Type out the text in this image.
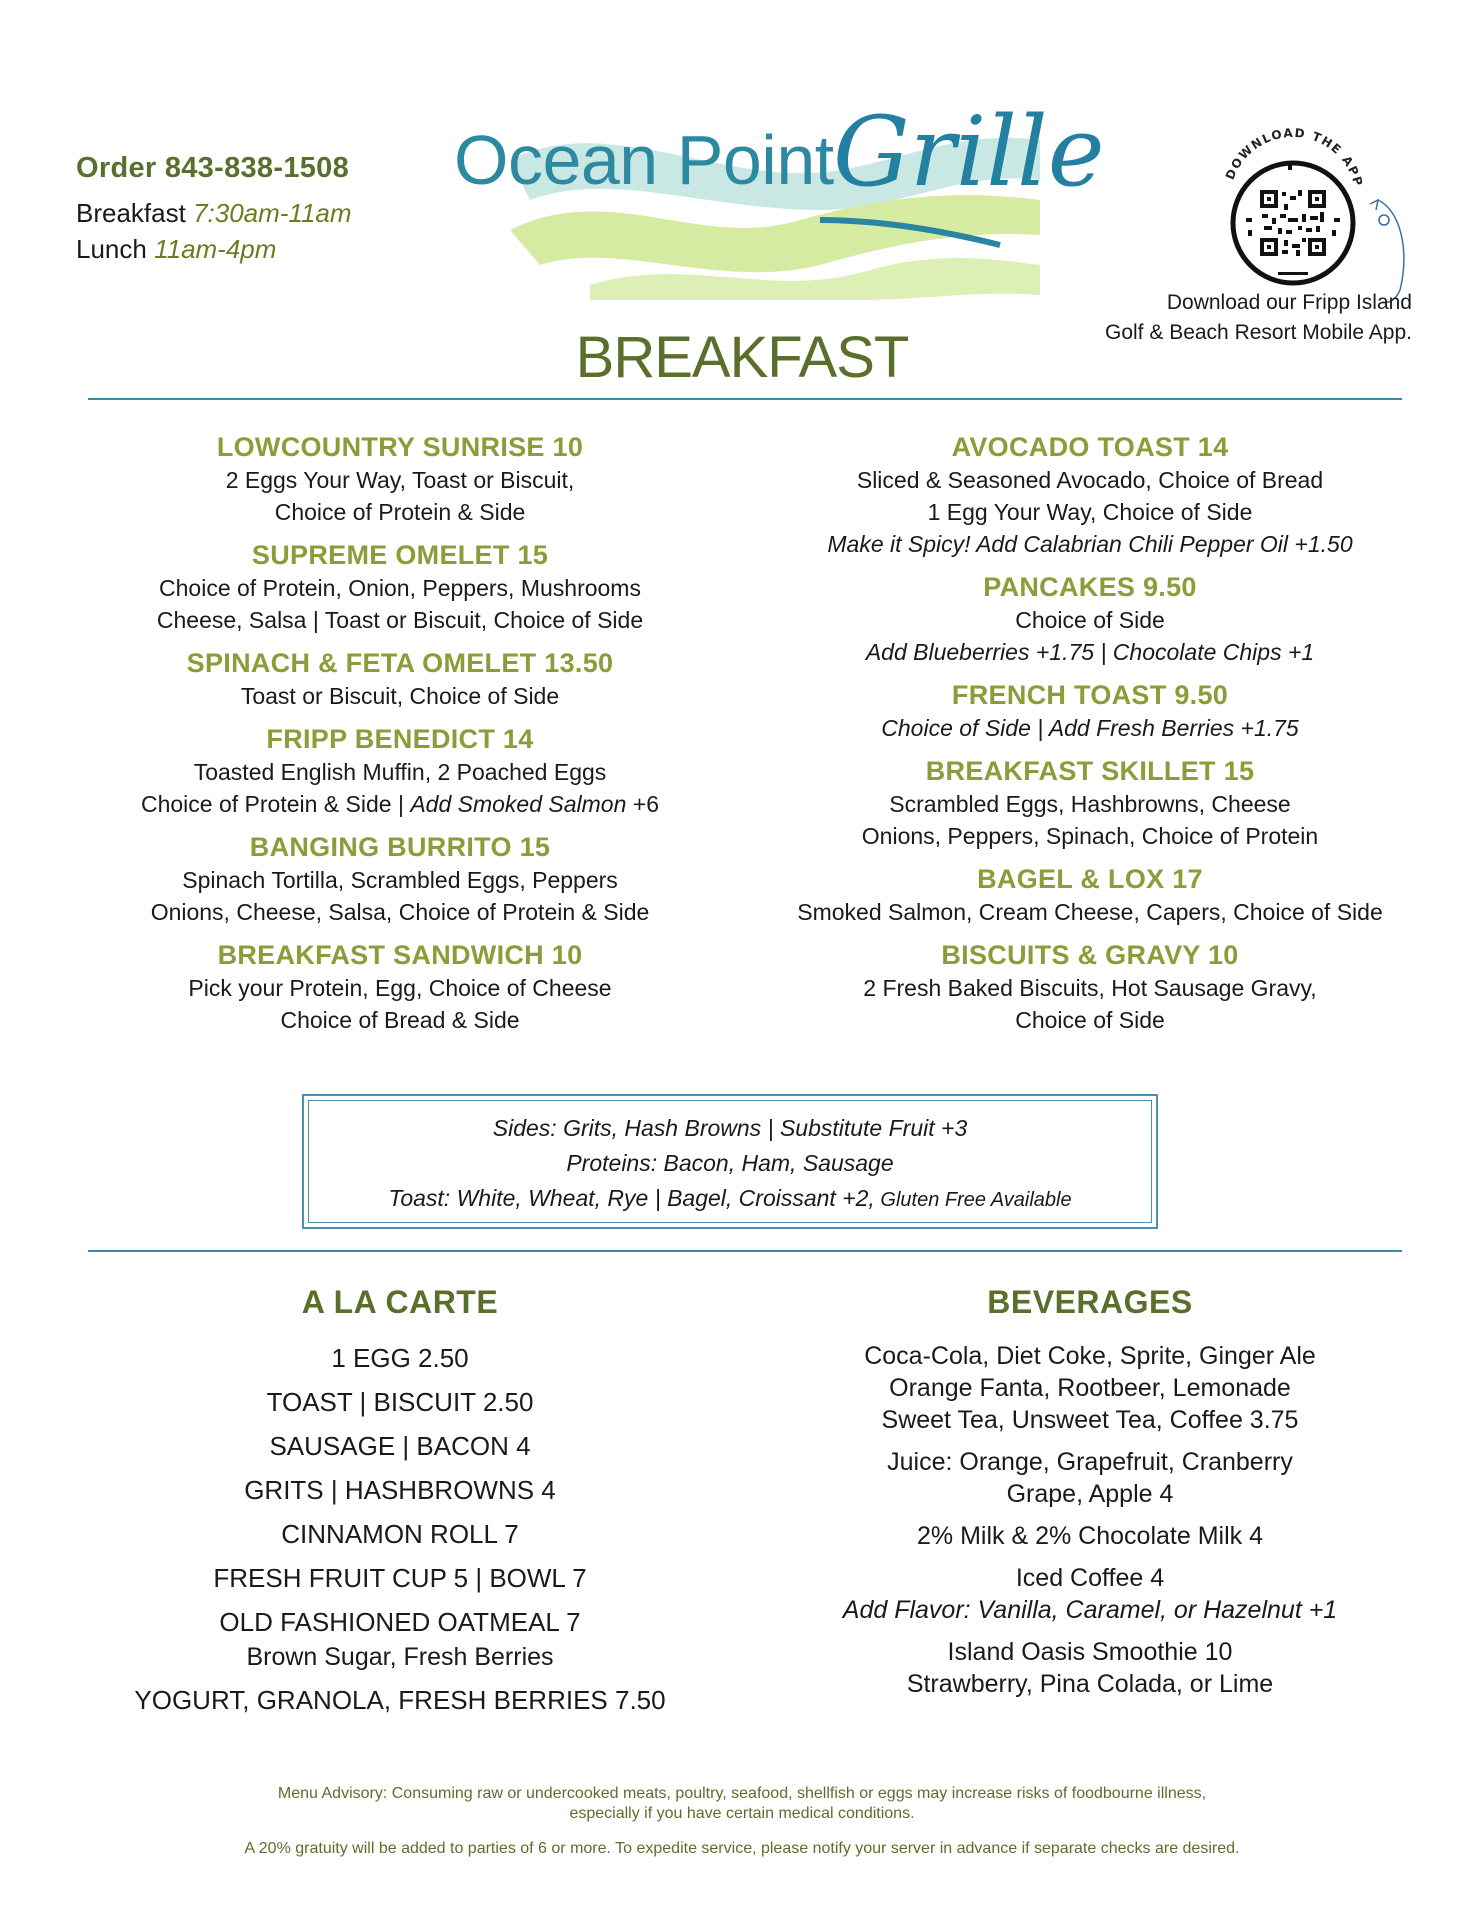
Order 843-838-1508
Breakfast 7:30am-11am
Lunch 11am-4pm
Ocean Point Grille
BREAKFAST
DOWNLOAD THE APP
Download our Fripp Island
Golf & Beach Resort Mobile App.
LOWCOUNTRY SUNRISE 10
2 Eggs Your Way, Toast or Biscuit,
Choice of Protein & Side
SUPREME OMELET 15
Choice of Protein, Onion, Peppers, Mushrooms
Cheese, Salsa | Toast or Biscuit, Choice of Side
SPINACH & FETA OMELET 13.50
Toast or Biscuit, Choice of Side
FRIPP BENEDICT 14
Toasted English Muffin, 2 Poached Eggs
Choice of Protein & Side | Add Smoked Salmon +6
BANGING BURRITO 15
Spinach Tortilla, Scrambled Eggs, Peppers
Onions, Cheese, Salsa, Choice of Protein & Side
BREAKFAST SANDWICH 10
Pick your Protein, Egg, Choice of Cheese
Choice of Bread & Side
AVOCADO TOAST 14
Sliced & Seasoned Avocado, Choice of Bread
1 Egg Your Way, Choice of Side
Make it Spicy! Add Calabrian Chili Pepper Oil +1.50
PANCAKES 9.50
Choice of Side
Add Blueberries +1.75 | Chocolate Chips +1
FRENCH TOAST 9.50
Choice of Side | Add Fresh Berries +1.75
BREAKFAST SKILLET 15
Scrambled Eggs, Hashbrowns, Cheese
Onions, Peppers, Spinach, Choice of Protein
BAGEL & LOX 17
Smoked Salmon, Cream Cheese, Capers, Choice of Side
BISCUITS & GRAVY 10
2 Fresh Baked Biscuits, Hot Sausage Gravy,
Choice of Side
Sides: Grits, Hash Browns | Substitute Fruit +3
Proteins: Bacon, Ham, Sausage
Toast: White, Wheat, Rye | Bagel, Croissant +2, Gluten Free Available
A LA CARTE
1 EGG 2.50
TOAST | BISCUIT 2.50
SAUSAGE | BACON 4
GRITS | HASHBROWNS 4
CINNAMON ROLL 7
FRESH FRUIT CUP 5 | BOWL 7
OLD FASHIONED OATMEAL 7
Brown Sugar, Fresh Berries
YOGURT, GRANOLA, FRESH BERRIES 7.50
BEVERAGES
Coca-Cola, Diet Coke, Sprite, Ginger Ale
Orange Fanta, Rootbeer, Lemonade
Sweet Tea, Unsweet Tea, Coffee 3.75
Juice: Orange, Grapefruit, Cranberry
Grape, Apple 4
2% Milk & 2% Chocolate Milk 4
Iced Coffee 4
Add Flavor: Vanilla, Caramel, or Hazelnut +1
Island Oasis Smoothie 10
Strawberry, Pina Colada, or Lime
Menu Advisory: Consuming raw or undercooked meats, poultry, seafood, shellfish or eggs may increase risks of foodbourne illness,
especially if you have certain medical conditions.
A 20% gratuity will be added to parties of 6 or more. To expedite service, please notify your server in advance if separate checks are desired.
